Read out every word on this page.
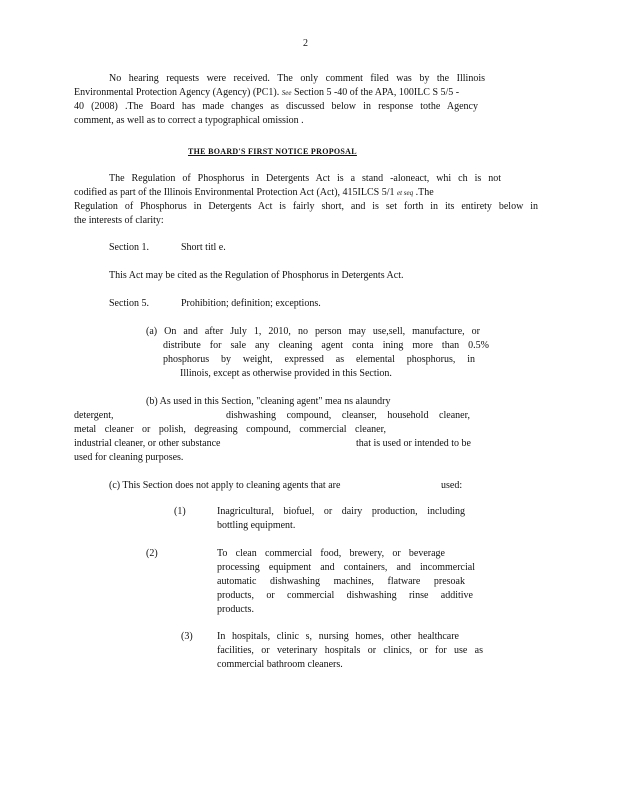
2
No hearing requests were received. The only comment filed was by the Illinois
Environmental Protection Agency (Agency) (PC1). See Section 5 -40 of the APA, 100ILC S 5/5 -
40 (2008) .The Board has made changes as discussed below in response tothe Agency
comment, as well as to correct a typographical omission .
THE BOARD'S FIRST NOTICE PROPOSAL
The Regulation of Phosphorus in Detergents Act is a stand -aloneact, whi ch is not
codified as part of the Illinois Environmental Protection Act (Act), 415ILCS 5/1 et seq .The
Regulation of Phosphorus in Detergents Act is fairly short, and is set forth in its entirety below in
the interests of clarity:
Section 1.	Short titl e.
This Act may be cited as the Regulation of Phosphorus in Detergents Act.
Section 5.	Prohibition; definition; exceptions.
(a) On and after July 1, 2010, no person may use,sell, manufacture, or
distribute for sale any cleaning agent conta ining more than 0.5%
phosphorus by weight, expressed as elemental phosphorus, in
Illinois, except as otherwise provided in this Section.
(b) As used in this Section, "cleaning agent" mea ns alaundry
detergent,	dishwashing compound, cleanser, household cleaner,
metal cleaner or polish, degreasing compound, commercial cleaner,
industrial cleaner, or other substance	that is used or intended to be
used for cleaning purposes.
(c) This Section does not apply to cleaning agents that are	used:
(1)	Inagricultural, biofuel, or dairy production, including
bottling equipment.
(2)	To clean commercial food, brewery, or beverage
processing equipment and containers, and incommercial
automatic dishwashing machines, flatware presoak
products, or commercial dishwashing rinse additive
products.
(3) In hospitals, clinic s, nursing homes, other healthcare
facilities, or veterinary hospitals or clinics, or for use as
commercial bathroom cleaners.
